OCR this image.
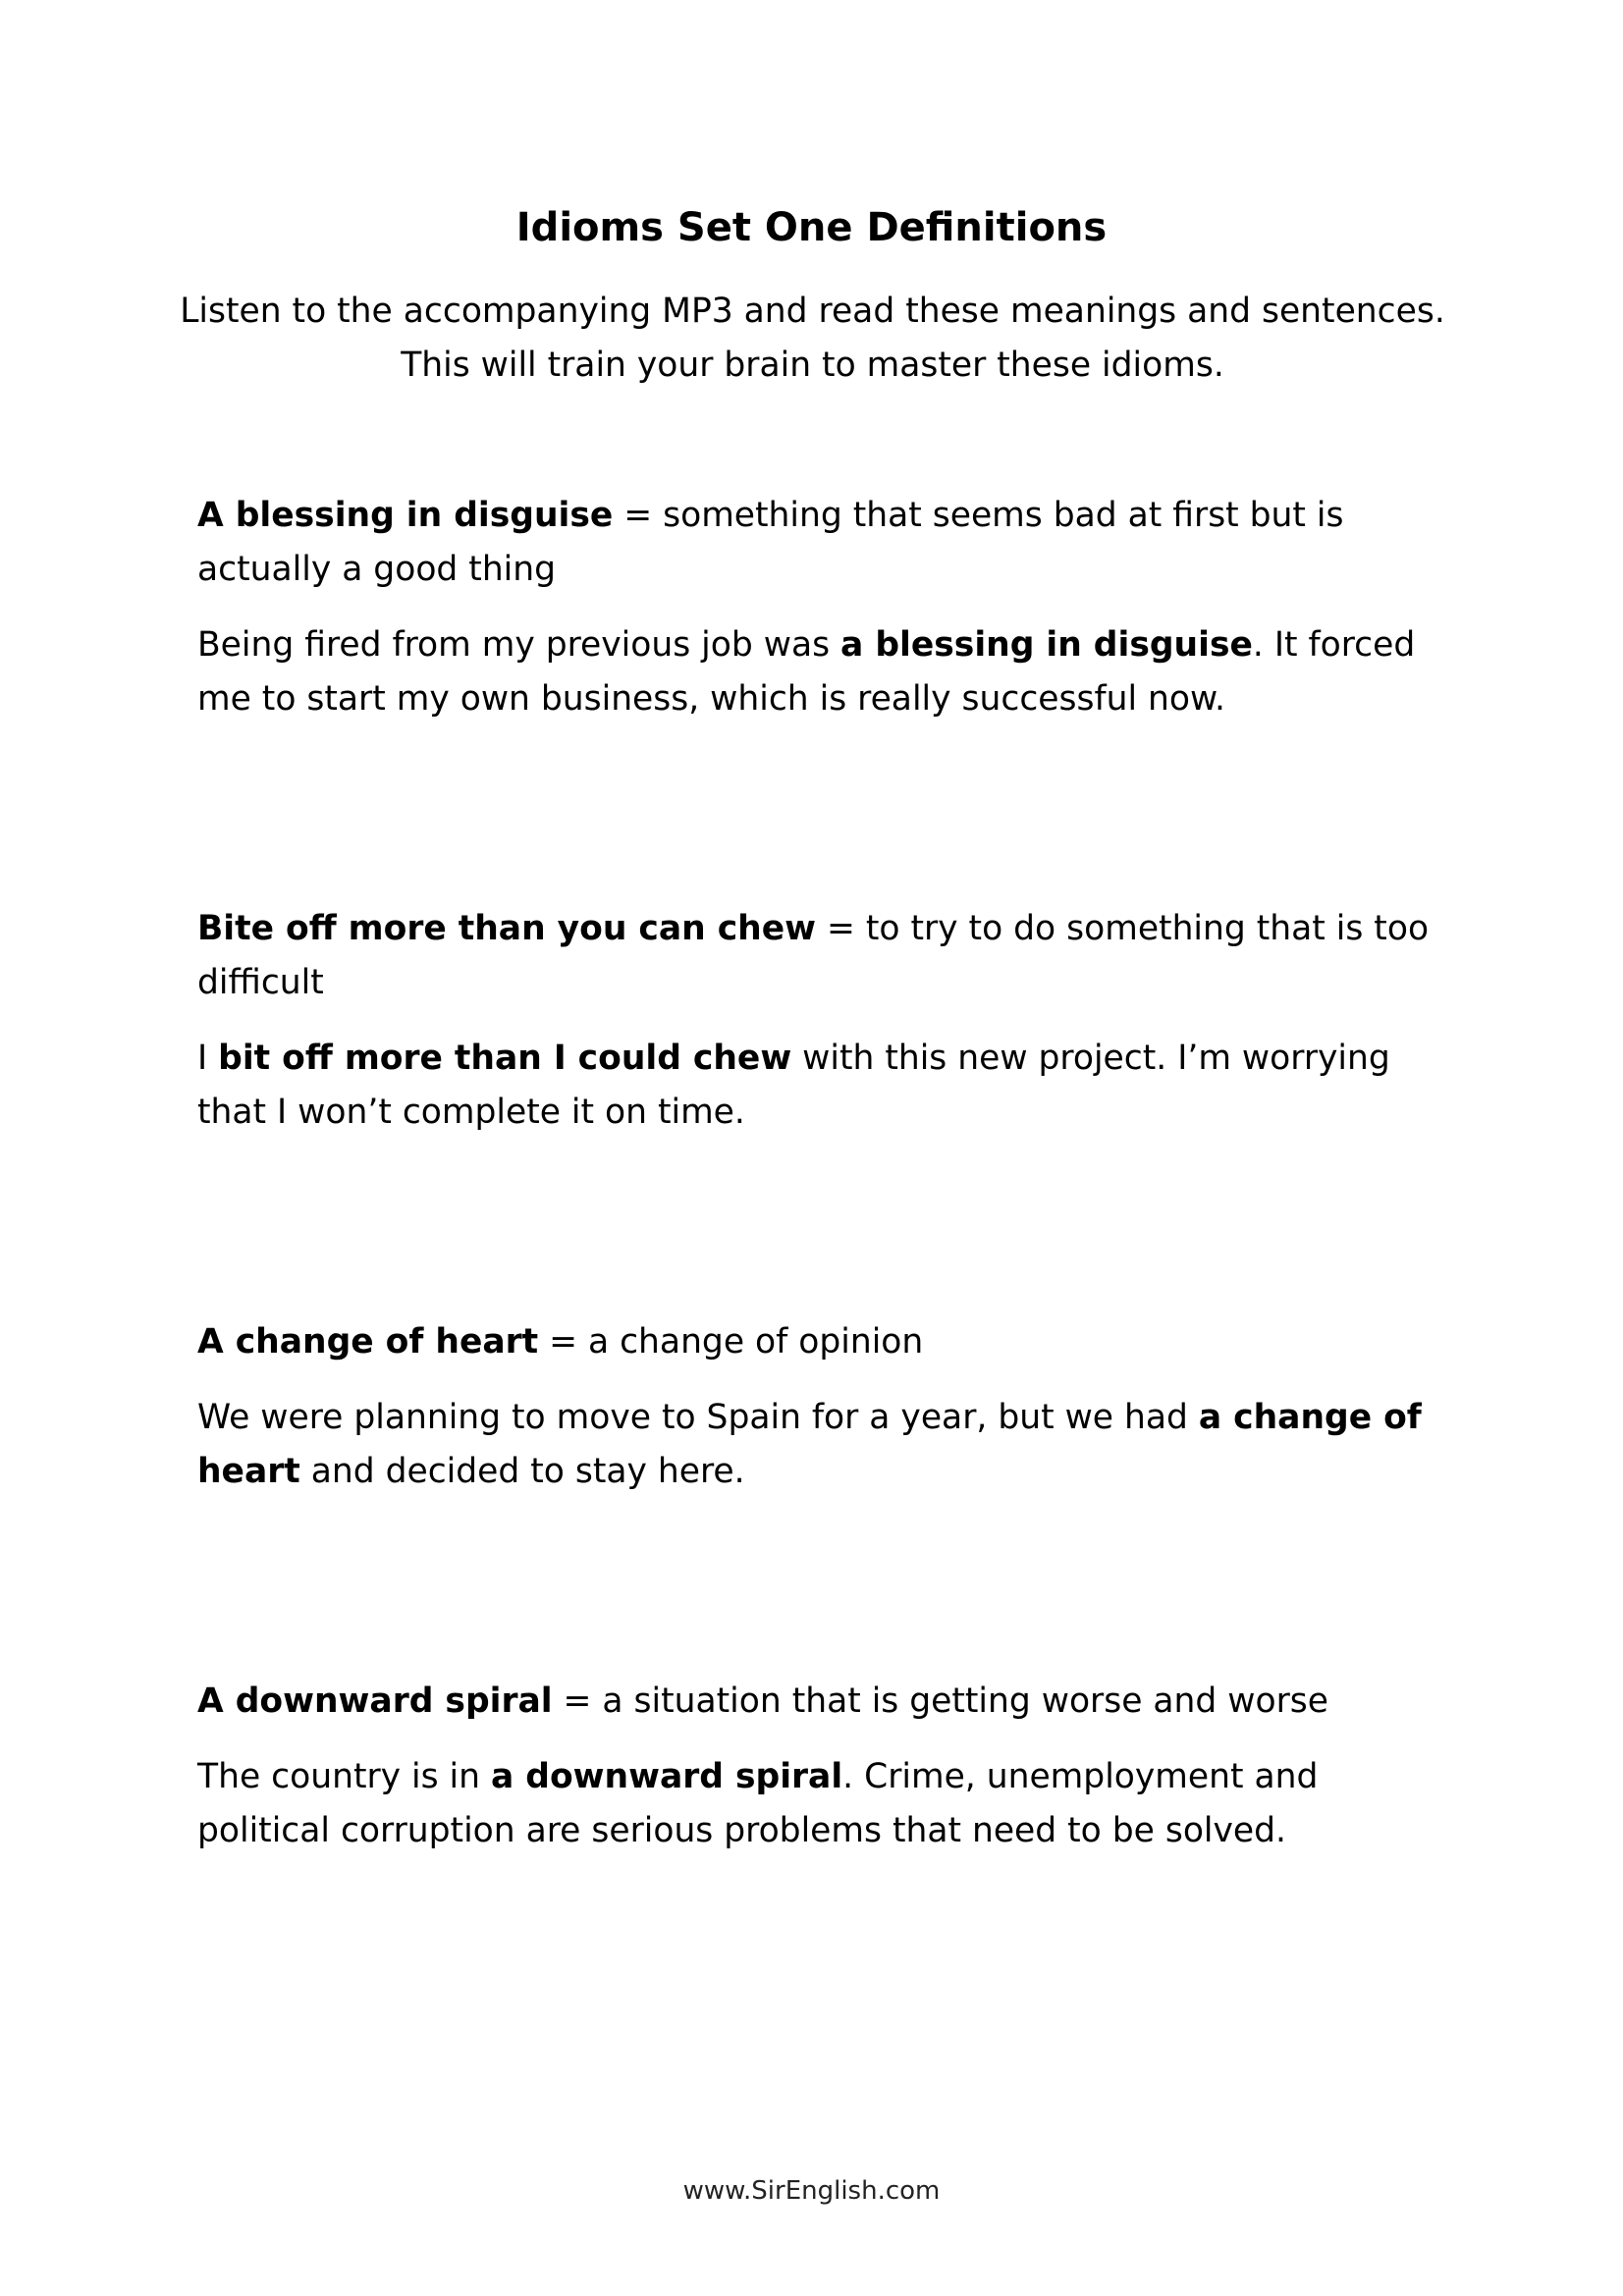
Idioms Set One Definitions

Listen to the accompanying MP3 and read these meanings and sentences.

This will train your brain to master these idioms.

A blessing in disguise = something that seems bad at first but is actually a good thing

Being fired from my previous job was a blessing in disguise. It forced me to start my own business, which is really successful now.

Bite off more than you can chew = to try to do something that is too difficult

I bit off more than I could chew with this new project. I’m worrying that I won’t complete it on time.

A change of heart = a change of opinion

We were planning to move to Spain for a year, but we had a change of heart and decided to stay here.

A downward spiral = a situation that is getting worse and worse

The country is in a downward spiral. Crime, unemployment and political corruption are serious problems that need to be solved.

www.SirEnglish.com
